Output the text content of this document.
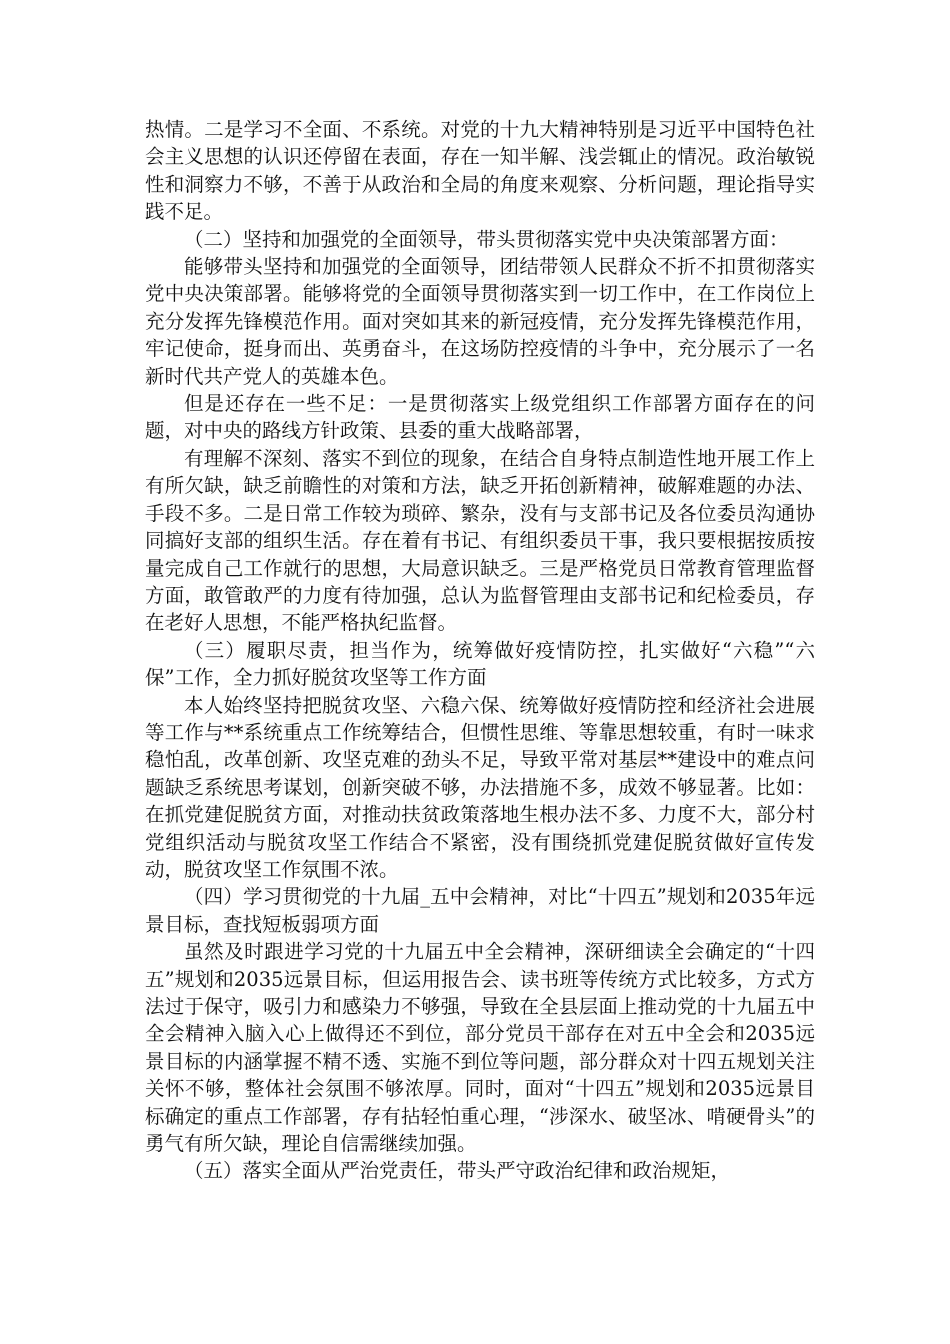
热情。二是学习不全面、不系统。对党的十九大精神特别是习近平中国特色社会主义思想的认识还停留在表面，存在一知半解、浅尝辄止的情况。政治敏锐性和洞察力不够，不善于从政治和全局的角度来观察、分析问题，理论指导实践不足。

（二）坚持和加强党的全面领导，带头贯彻落实党中央决策部署方面：

能够带头坚持和加强党的全面领导，团结带领人民群众不折不扣贯彻落实党中央决策部署。能够将党的全面领导贯彻落实到一切工作中，在工作岗位上充分发挥先锋模范作用。面对突如其来的新冠疫情，充分发挥先锋模范作用，牢记使命，挺身而出、英勇奋斗，在这场防控疫情的斗争中，充分展示了一名新时代共产党人的英雄本色。

但是还存在一些不足：一是贯彻落实上级党组织工作部署方面存在的问题，对中央的路线方针政策、县委的重大战略部署，

有理解不深刻、落实不到位的现象，在结合自身特点制造性地开展工作上有所欠缺，缺乏前瞻性的对策和方法，缺乏开拓创新精神，破解难题的办法、手段不多。二是日常工作较为琐碎、繁杂，没有与支部书记及各位委员沟通协同搞好支部的组织生活。存在着有书记、有组织委员干事，我只要根据按质按量完成自己工作就行的思想，大局意识缺乏。三是严格党员日常教育管理监督方面，敢管敢严的力度有待加强，总认为监督管理由支部书记和纪检委员，存在老好人思想，不能严格执纪监督。

（三）履职尽责，担当作为，统筹做好疫情防控，扎实做好“六稳”“六保”工作，全力抓好脱贫攻坚等工作方面

本人始终坚持把脱贫攻坚、六稳六保、统筹做好疫情防控和经济社会进展等工作与**系统重点工作统筹结合，但惯性思维、等靠思想较重，有时一味求稳怕乱，改革创新、攻坚克难的劲头不足，导致平常对基层**建设中的难点问题缺乏系统思考谋划，创新突破不够，办法措施不多，成效不够显著。比如：在抓党建促脱贫方面，对推动扶贫政策落地生根办法不多、力度不大，部分村党组织活动与脱贫攻坚工作结合不紧密，没有围绕抓党建促脱贫做好宣传发动，脱贫攻坚工作氛围不浓。

（四）学习贯彻党的十九届_五中会精神，对比“十四五”规划和2035年远景目标，查找短板弱项方面

虽然及时跟进学习党的十九届五中全会精神，深研细读全会确定的“十四五”规划和2035远景目标，但运用报告会、读书班等传统方式比较多，方式方法过于保守，吸引力和感染力不够强，导致在全县层面上推动党的十九届五中全会精神入脑入心上做得还不到位，部分党员干部存在对五中全会和2035远景目标的内涵掌握不精不透、实施不到位等问题，部分群众对十四五规划关注关怀不够，整体社会氛围不够浓厚。同时，面对“十四五”规划和2035远景目标确定的重点工作部署，存有拈轻怕重心理，“涉深水、破坚冰、啃硬骨头”的勇气有所欠缺，理论自信需继续加强。

（五）落实全面从严治党责任，带头严守政治纪律和政治规矩，
